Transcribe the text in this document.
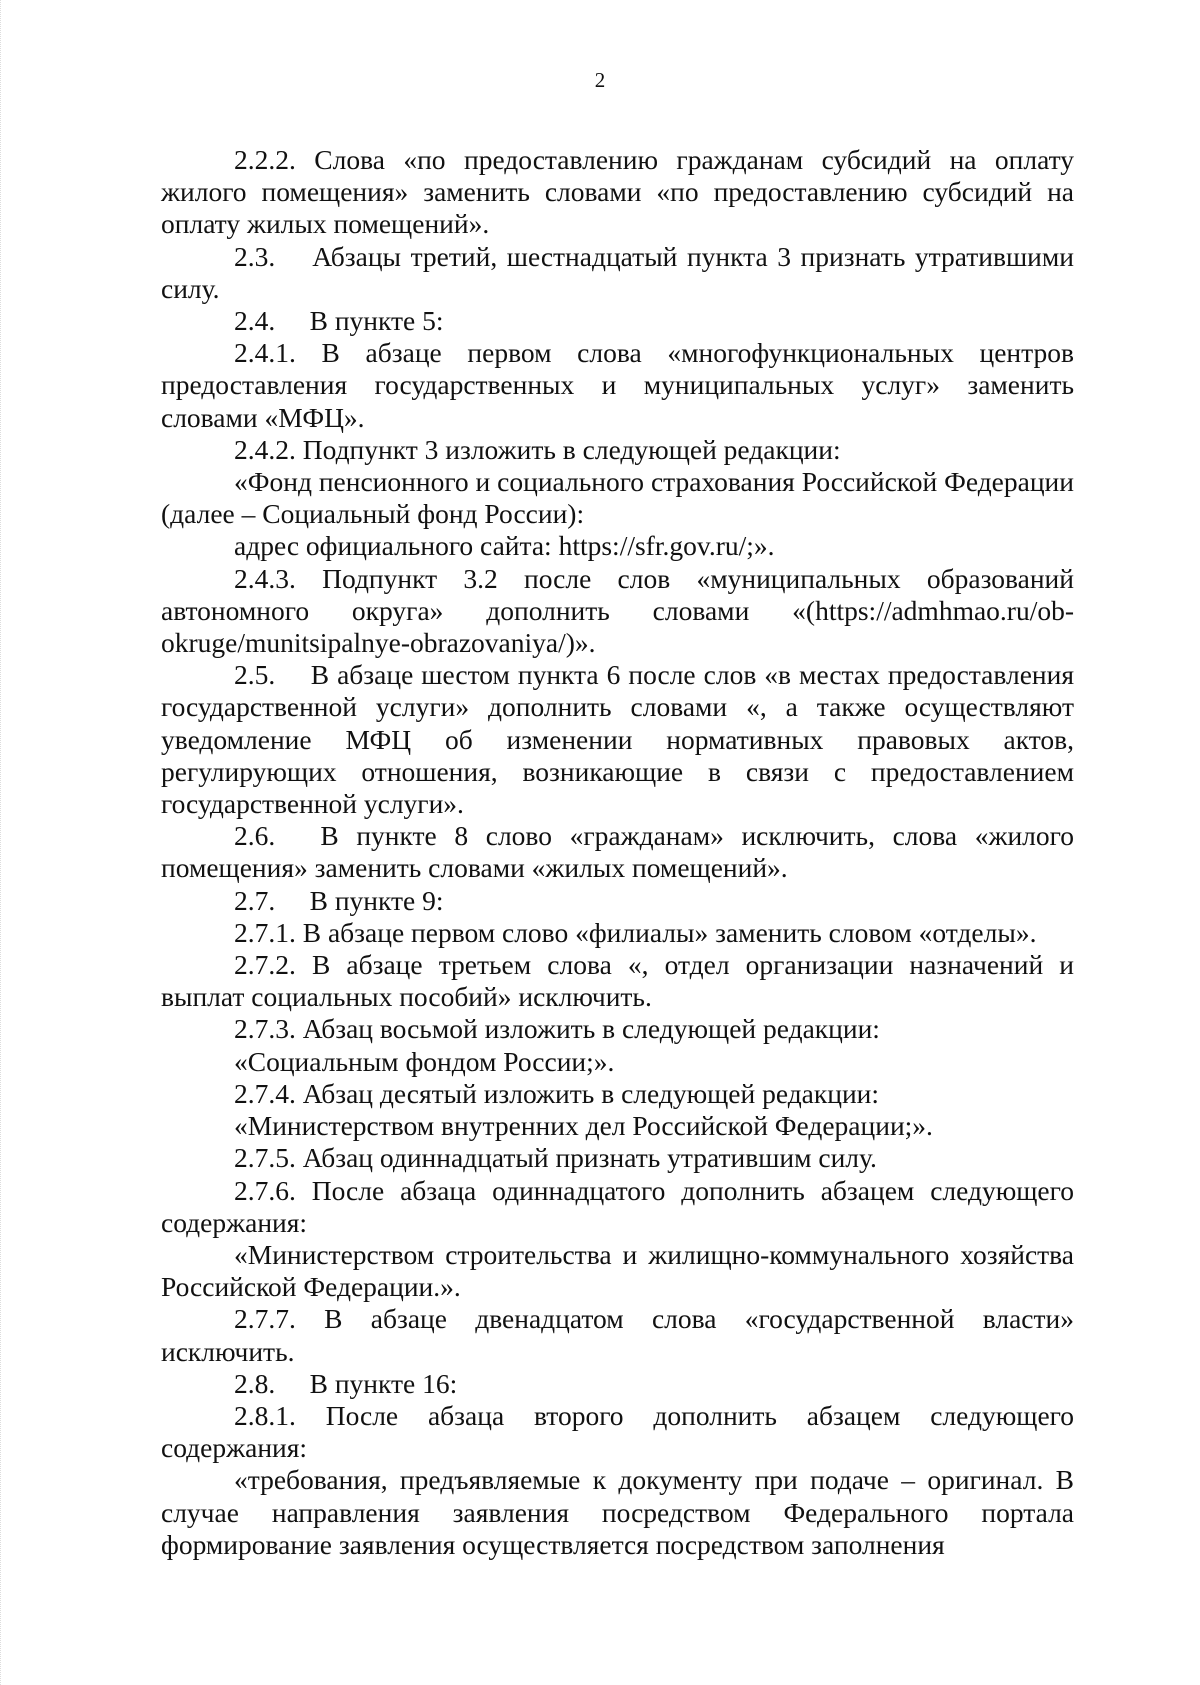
2

2.2.2. Слова «по предоставлению гражданам субсидий на оплату жилого помещения» заменить словами «по предоставлению субсидий на оплату жилых помещений».

2.3.  Абзацы третий, шестнадцатый пункта 3 признать утратившими силу.

2.4.  В пункте 5:

2.4.1. В абзаце первом слова «многофункциональных центров предоставления государственных и муниципальных услуг» заменить словами «МФЦ».

2.4.2. Подпункт 3 изложить в следующей редакции:

«Фонд пенсионного и социального страхования Российской Федерации (далее – Социальный фонд России):

адрес официального сайта: https://sfr.gov.ru/;».

2.4.3. Подпункт 3.2 после слов «муниципальных образований автономного округа» дополнить словами «(https://admhmao.ru/ob-okruge/munitsipalnye-obrazovaniya/)».

2.5.  В абзаце шестом пункта 6 после слов «в местах предоставления государственной услуги» дополнить словами «, а также осуществляют уведомление МФЦ об изменении нормативных правовых актов, регулирующих отношения, возникающие в связи с предоставлением государственной услуги».

2.6.  В пункте 8 слово «гражданам» исключить, слова «жилого помещения» заменить словами «жилых помещений».

2.7.  В пункте 9:

2.7.1. В абзаце первом слово «филиалы» заменить словом «отделы».

2.7.2. В абзаце третьем слова «, отдел организации назначений и выплат социальных пособий» исключить.

2.7.3. Абзац восьмой изложить в следующей редакции:

«Социальным фондом России;».

2.7.4. Абзац десятый изложить в следующей редакции:

«Министерством внутренних дел Российской Федерации;».

2.7.5. Абзац одиннадцатый признать утратившим силу.

2.7.6. После абзаца одиннадцатого дополнить абзацем следующего содержания:

«Министерством строительства и жилищно-коммунального хозяйства Российской Федерации.».

2.7.7. В абзаце двенадцатом слова «государственной власти» исключить.

2.8.  В пункте 16:

2.8.1. После абзаца второго дополнить абзацем следующего содержания:

«требования, предъявляемые к документу при подаче – оригинал. В случае направления заявления посредством Федерального портала формирование заявления осуществляется посредством заполнения
